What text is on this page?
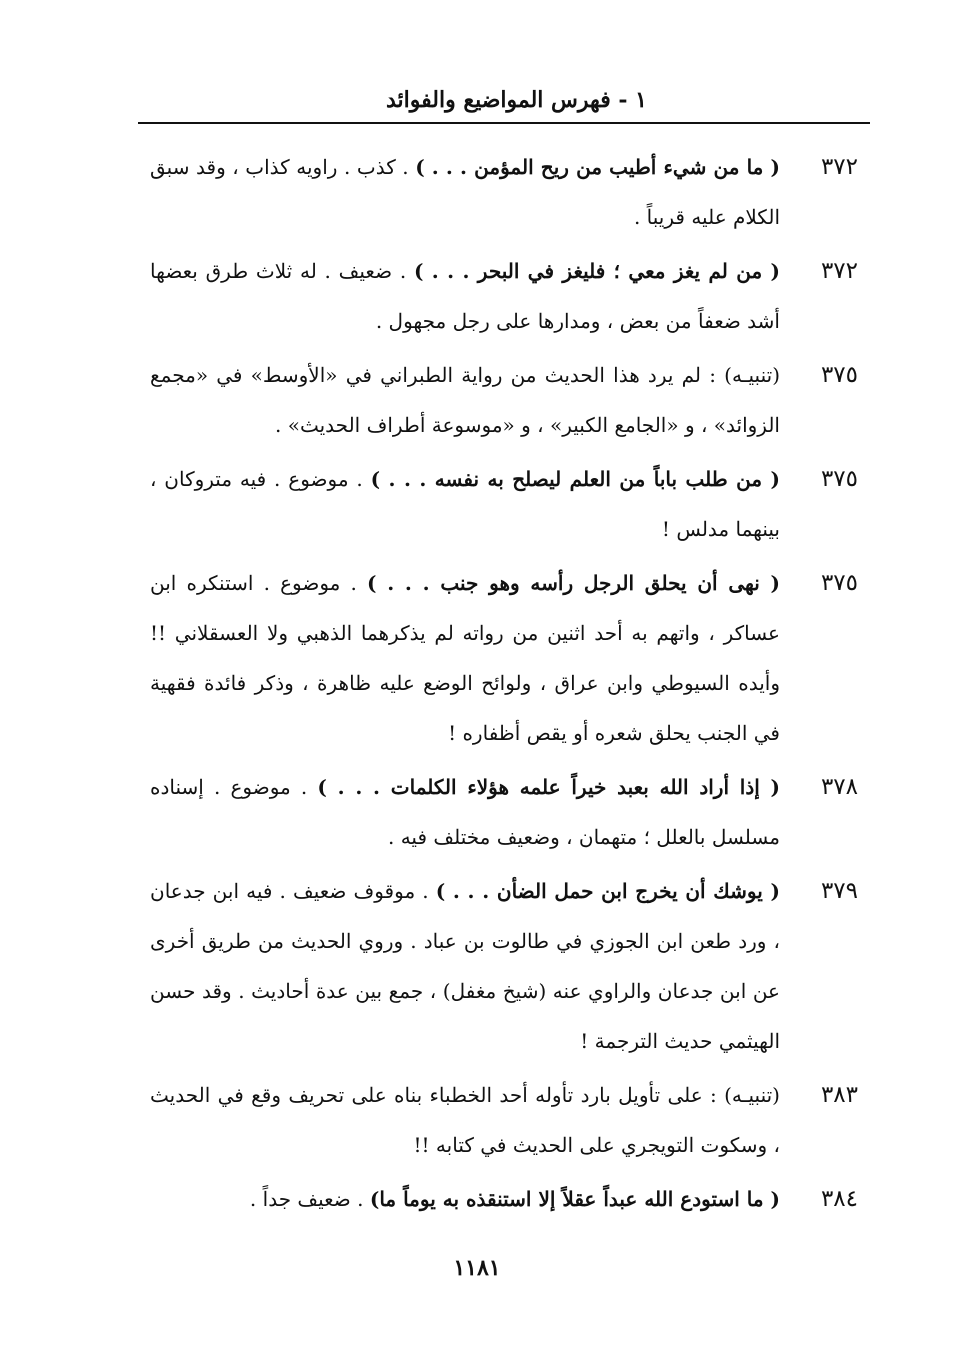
١ - فهرس المواضيع والفوائد
٣٧٢
( ما من شيء أطيب من ريح المؤمن . . . ) . كذب . راويه كذاب ، وقد سبق الكلام عليه قريباً .
٣٧٢
( من لم يغز معي ؛ فليغز في البحر . . . ) . ضعيف . له ثلاث طرق بعضها أشد ضعفاً من بعض ، ومدارها على رجل مجهول .
٣٧٥
(تنبيـه) : لم يرد هذا الحديث من رواية الطبراني في «الأوسط» في «مجمع الزوائد» ، و «الجامع الكبير» ، و «موسوعة أطراف الحديث» .
٣٧٥
( من طلب باباً من العلم ليصلح به نفسه . . . ) . موضوع . فيه متروكان ، بينهما مدلس !
٣٧٥
( نهى أن يحلق الرجل رأسه وهو جنب . . . ) . موضوع . استنكره ابن عساكر ، واتهم به أحد اثنين من رواته لم يذكرهما الذهبي ولا العسقلاني !! وأيده السيوطي وابن عراق ، ولوائح الوضع عليه ظاهرة ، وذكر فائدة فقهية في الجنب يحلق شعره أو يقص أظفاره !
٣٧٨
( إذا أراد الله بعبد خيراً علمه هؤلاء الكلمات . . . ) . موضوع . إسناده مسلسل بالعلل ؛ متهمان ، وضعيف مختلف فيه .
٣٧٩
( يوشك أن يخرج ابن حمل الضأن . . . ) . موقوف ضعيف . فيه ابن جدعان ، ورد طعن ابن الجوزي في طالوت بن عباد . وروي الحديث من طريق أخرى عن ابن جدعان والراوي عنه (شيخ مغفل) ، جمع بين عدة أحاديث . وقد حسن الهيثمي حديث الترجمة !
٣٨٣
(تنبيـه) : على تأويل بارد تأوله أحد الخطباء بناه على تحريف وقع في الحديث ، وسكوت التويجري على الحديث في كتابه !!
٣٨٤
( ما استودع الله عبداً عقلاً إلا استنقذه به يوماً ما) . ضعيف جداً .
١١٨١
